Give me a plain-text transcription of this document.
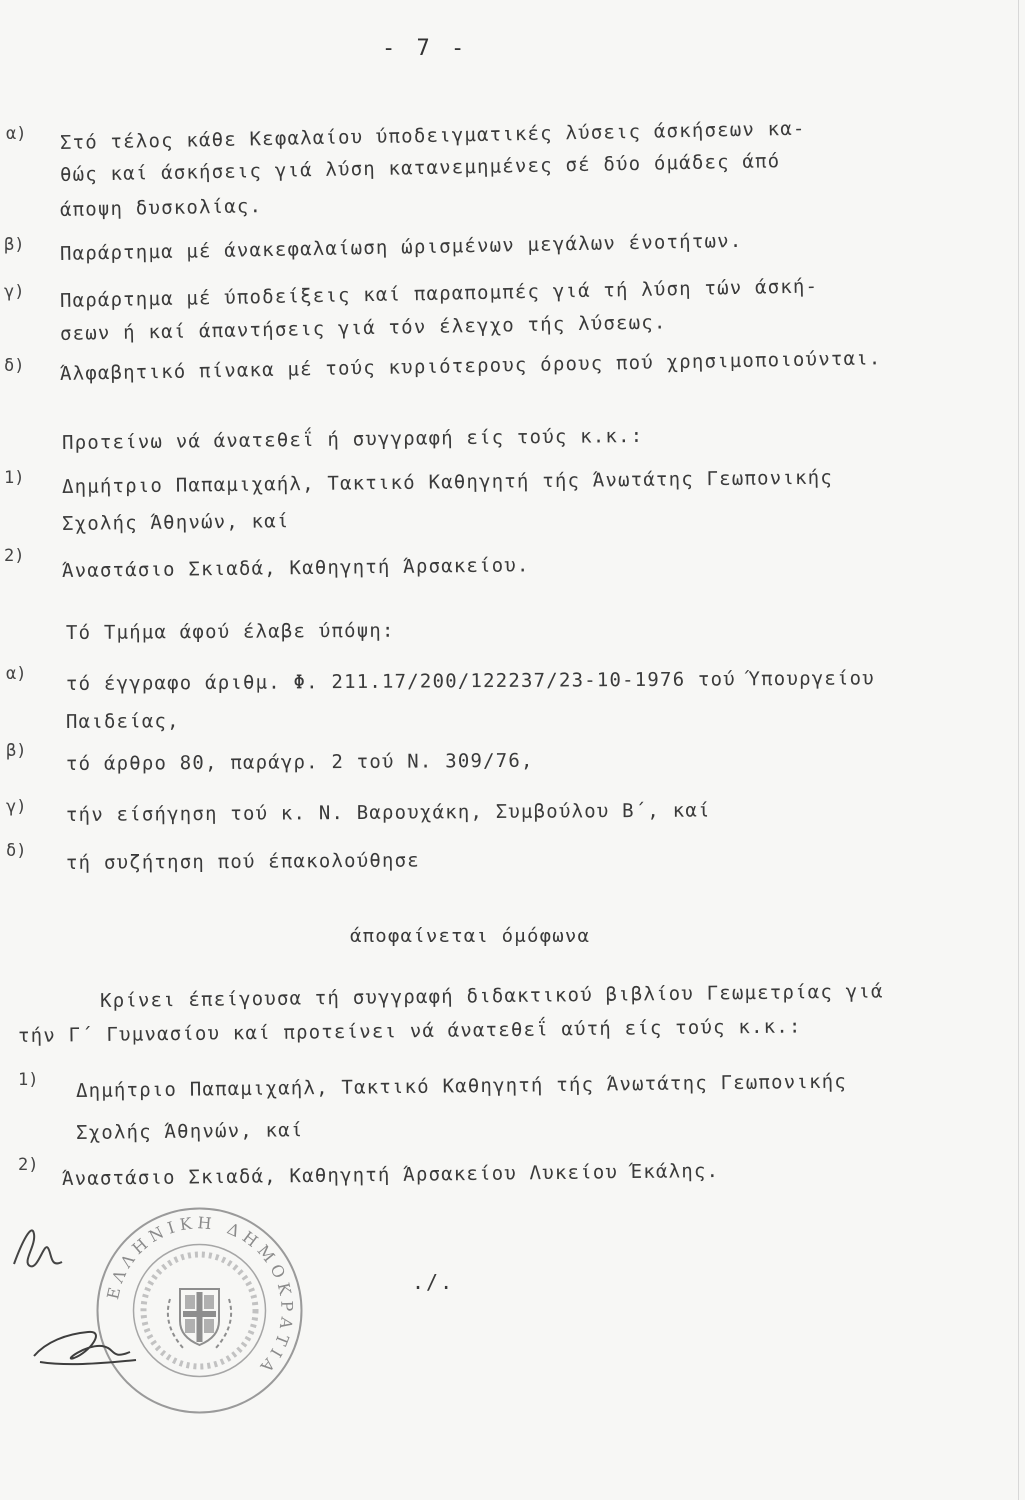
- 7 -
α) Στό τέλος κάθε Κεφαλαίου ύποδειγματικές λύσεις άσκήσεων κα-
θώς καί άσκήσεις γιά λύση κατανεμημένες σέ δύο όμάδες άπό
άποψη δυσκολίας.
β) Παράρτημα μέ άνακεφαλαίωση ώρισμένων μεγάλων ένοτήτων.
γ) Παράρτημα μέ ύποδείξεις καί παραπομπές γιά τή λύση τών άσκή-
σεων ή καί άπαντήσεις γιά τόν έλεγχο τής λύσεως.
δ) Άλφαβητικό πίνακα μέ τούς κυριότερους όρους πού χρησιμοποιούνται.
Προτείνω νά άνατεθεΐ ή συγγραφή είς τούς κ.κ.:
1) Δημήτριο Παπαμιχαήλ, Τακτικό Καθηγητή τής Άνωτάτης Γεωπονικής
Σχολής Άθηνών, καί
2) Άναστάσιο Σκιαδά, Καθηγητή Άρσακείου.
Τό Τμήμα άφού έλαβε ύπόψη:
α) τό έγγραφο άριθμ. Φ. 211.17/200/122237/23-10-1976 τού Ύπουργείου
Παιδείας,
β) τό άρθρο 80, παράγρ. 2 τού Ν. 309/76,
γ) τήν είσήγηση τού κ. Ν. Βαρουχάκη, Συμβούλου Β΄, καί
δ) τή συζήτηση πού έπακολούθησε
άποφαίνεται όμόφωνα
Κρίνει έπείγουσα τή συγγραφή διδακτικού βιβλίου Γεωμετρίας γιά
τήν Γ΄ Γυμνασίου καί προτείνει νά άνατεθεΐ αύτή είς τούς κ.κ.:
1) Δημήτριο Παπαμιχαήλ, Τακτικό Καθηγητή τής Άνωτάτης Γεωπονικής
Σχολής Άθηνών, καί
2) Άναστάσιο Σκιαδά, Καθηγητή Άρσακείου Λυκείου Έκάλης.
ΕΛΛΗΝΙΚΗ ΔΗΜΟΚΡΑΤΙΑ
./.
